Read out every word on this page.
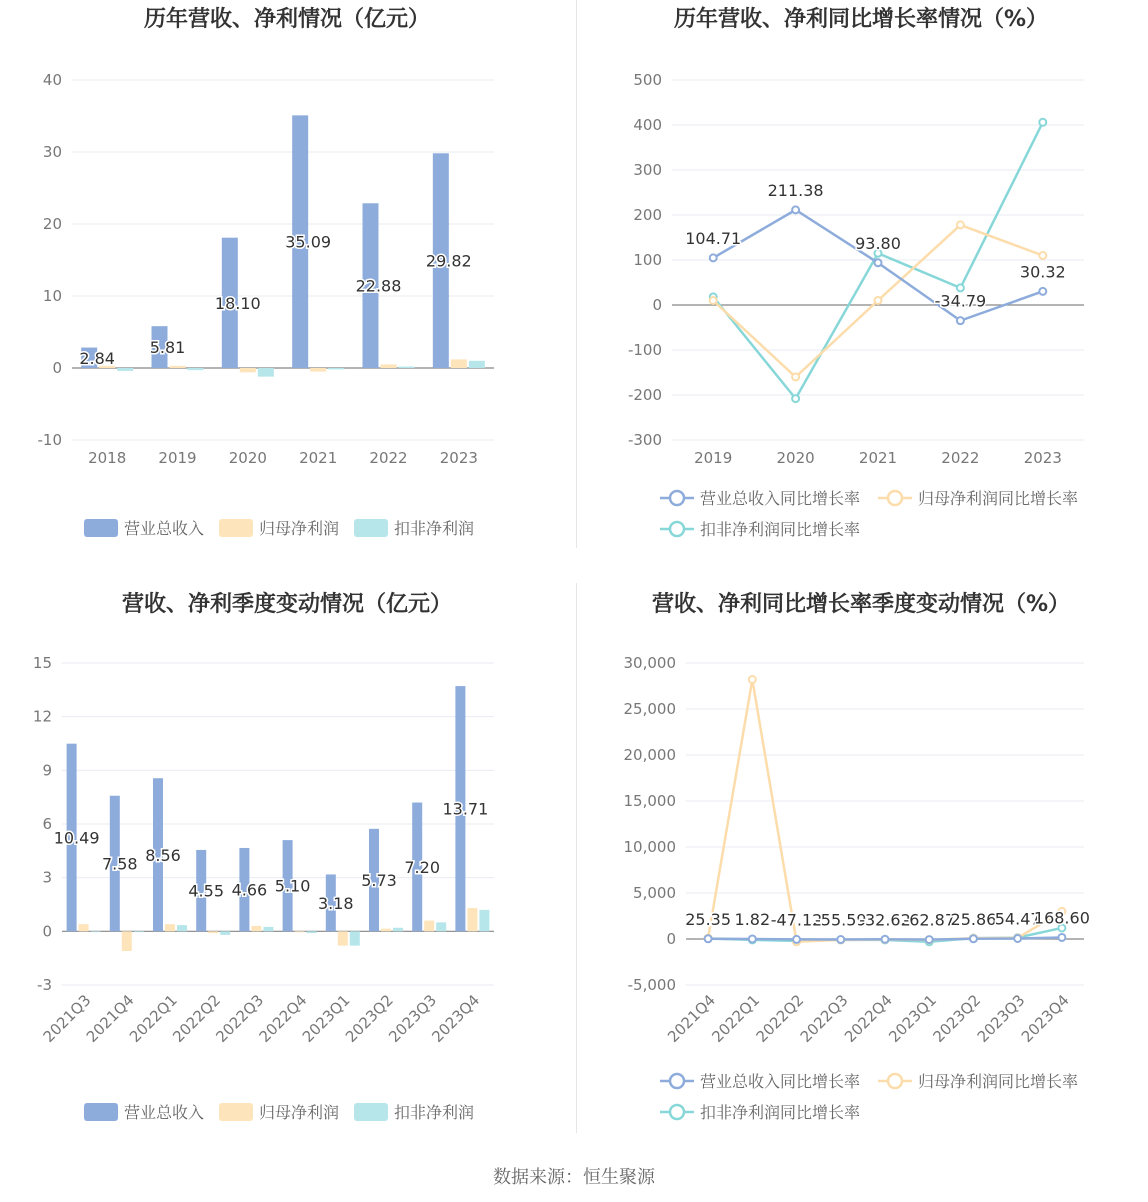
历年营收、净利情况（亿元）
40
30
20
10
0
-10
2.84
5.81
18.10
35.09
22.88
29.82
2018 2019 2020 2021 2022 2023
营业总收入	归母净利润	扣非净利润
历年营收、净利同比增长率情况（%）
500
400
300
200
100
0
-100
-200
-300
104.71
211.38
93.80
-34.79
30.32
2019	2020	2021	2022	2023
营业总收入同比增长率	归母净利润同比增长率
扣非净利润同比增长率
营收、净利季度变动情况（亿元）
15
12
9
6
3
0
-3
10.49
7.58 8.56
4.55 4.66 5.10
3.18
5.73
7.20
13.71
2021Q3
2021Q4
2022Q1
2022Q2
2022Q3
2022Q4
2023Q1
2023Q2
2023Q3
2023Q4
营业总收入	归母净利润	扣非净利润
营收、净利同比增长率季度变动情况（%）
30,000
25,000
20,000
15,000
10,000
5,000
0
-5,000
25.35 1.82 -47.12
-55.59
-32.62
-62.87
25.86
54.47
168.60
2021Q4
2022Q1
2022Q2
2022Q3
2022Q4
2023Q1
2023Q2
2023Q3
2023Q4
营业总收入同比增长率	归母净利润同比增长率
扣非净利润同比增长率
数据来源：恒生聚源
